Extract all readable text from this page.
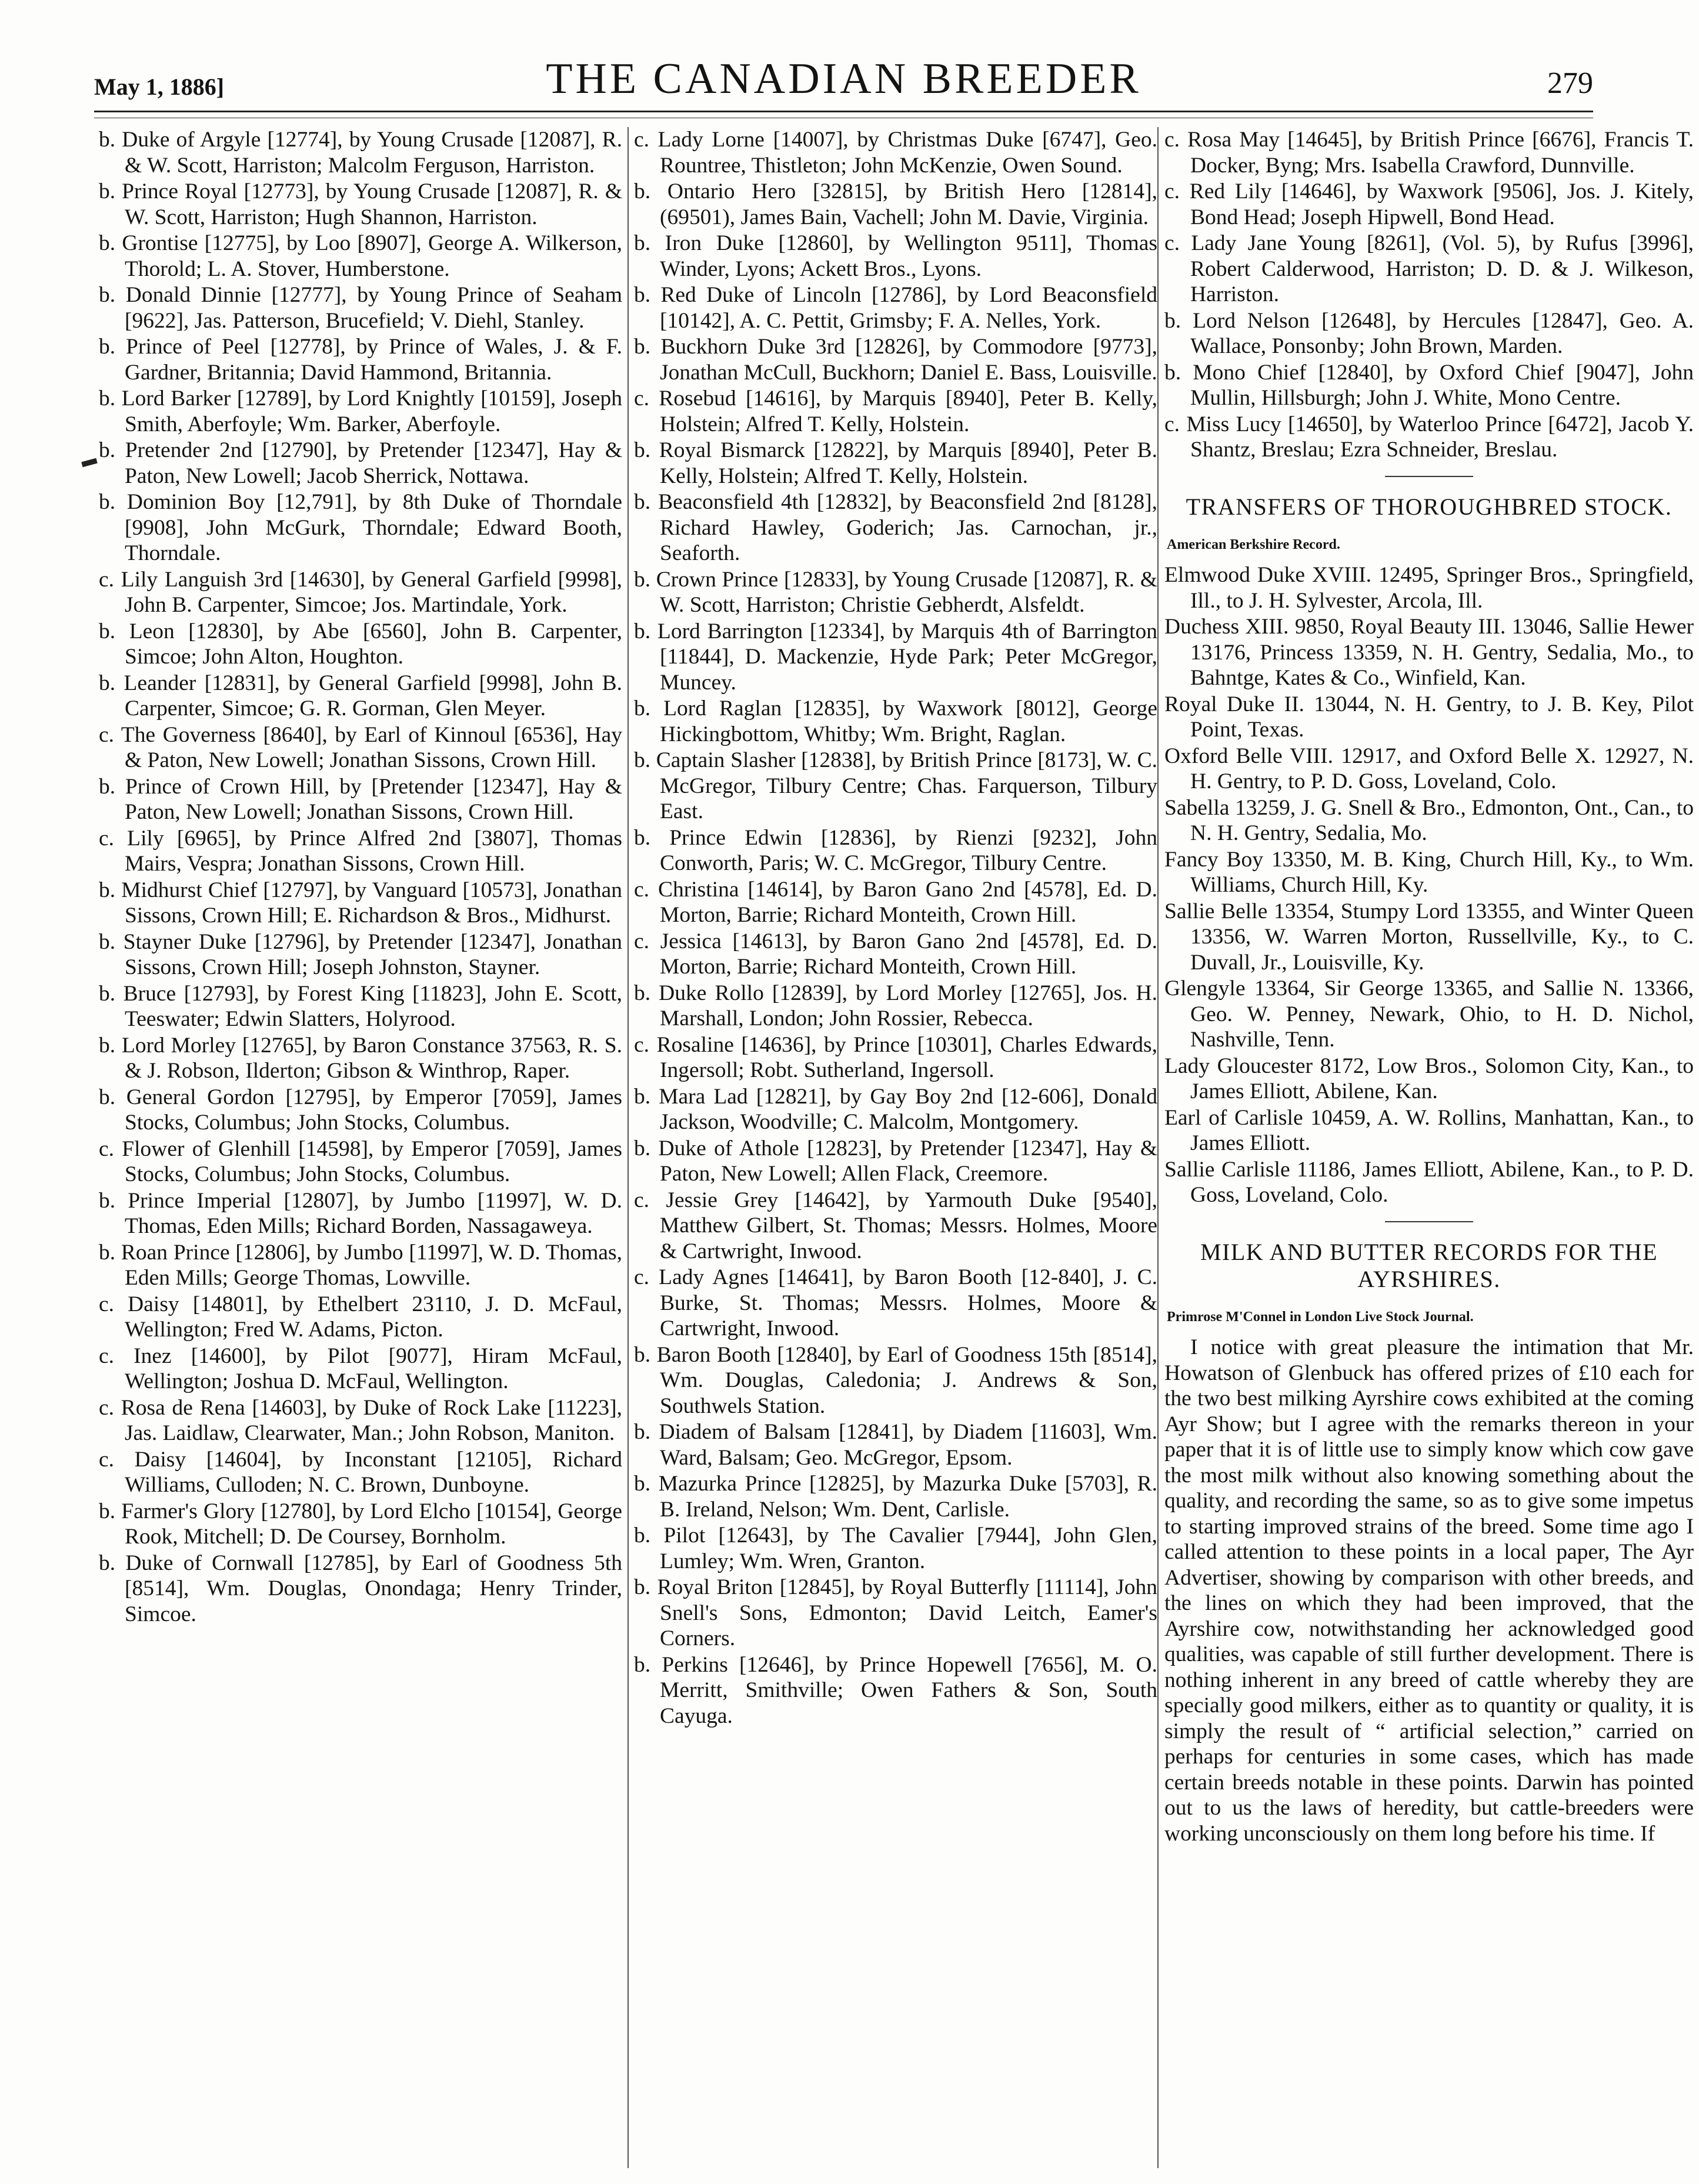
May 1, 1886]	THE CANADIAN BREEDER	279

b. Duke of Argyle [12774], by Young Crusade [12087], R. & W. Scott, Harriston; Malcolm Ferguson, Harriston.

b. Prince Royal [12773], by Young Crusade [12087], R. & W. Scott, Harriston; Hugh Shannon, Harriston.

b. Grontise [12775], by Loo [8907], George A. Wilkerson, Thorold; L. A. Stover, Humberstone.

b. Donald Dinnie [12777], by Young Prince of Seaham [9622], Jas. Patterson, Brucefield; V. Diehl, Stanley.

b. Prince of Peel [12778], by Prince of Wales, J. & F. Gardner, Britannia; David Hammond, Britannia.

b. Lord Barker [12789], by Lord Knightly [10159], Joseph Smith, Aberfoyle; Wm. Barker, Aberfoyle.

b. Pretender 2nd [12790], by Pretender [12347], Hay & Paton, New Lowell; Jacob Sherrick, Nottawa.

b. Dominion Boy [12,791], by 8th Duke of Thorndale [9908], John McGurk, Thorndale; Edward Booth, Thorndale.

c. Lily Languish 3rd [14630], by General Garfield [9998], John B. Carpenter, Simcoe; Jos. Martindale, York.

b. Leon [12830], by Abe [6560], John B. Carpenter, Simcoe; John Alton, Houghton.

b. Leander [12831], by General Garfield [9998], John B. Carpenter, Simcoe; G. R. Gorman, Glen Meyer.

c. The Governess [8640], by Earl of Kinnoul [6536], Hay & Paton, New Lowell; Jonathan Sissons, Crown Hill.

b. Prince of Crown Hill, by [Pretender [12347], Hay & Paton, New Lowell; Jonathan Sissons, Crown Hill.

c. Lily [6965], by Prince Alfred 2nd [3807], Thomas Mairs, Vespra; Jonathan Sissons, Crown Hill.

b. Midhurst Chief [12797], by Vanguard [10573], Jonathan Sissons, Crown Hill; E. Richardson & Bros., Midhurst.

b. Stayner Duke [12796], by Pretender [12347], Jonathan Sissons, Crown Hill; Joseph Johnston, Stayner.

b. Bruce [12793], by Forest King [11823], John E. Scott, Teeswater; Edwin Slatters, Holyrood.

b. Lord Morley [12765], by Baron Constance 37563, R. S. & J. Robson, Ilderton; Gibson & Winthrop, Raper.

b. General Gordon [12795], by Emperor [7059], James Stocks, Columbus; John Stocks, Columbus.

c. Flower of Glenhill [14598], by Emperor [7059], James Stocks, Columbus; John Stocks, Columbus.

b. Prince Imperial [12807], by Jumbo [11997], W. D. Thomas, Eden Mills; Richard Borden, Nassagaweya.

b. Roan Prince [12806], by Jumbo [11997], W. D. Thomas, Eden Mills; George Thomas, Lowville.

c. Daisy [14801], by Ethelbert 23110, J. D. McFaul, Wellington; Fred W. Adams, Picton.

c. Inez [14600], by Pilot [9077], Hiram McFaul, Wellington; Joshua D. McFaul, Wellington.

c. Rosa de Rena [14603], by Duke of Rock Lake [11223], Jas. Laidlaw, Clearwater, Man.; John Robson, Maniton.

c. Daisy [14604], by Inconstant [12105], Richard Williams, Culloden; N. C. Brown, Dunboyne.

b. Farmer's Glory [12780], by Lord Elcho [10154], George Rook, Mitchell; D. De Coursey, Bornholm.

b. Duke of Cornwall [12785], by Earl of Goodness 5th [8514], Wm. Douglas, Onondaga; Henry Trinder, Simcoe.

c. Lady Lorne [14007], by Christmas Duke [6747], Geo. Rountree, Thistleton; John McKenzie, Owen Sound.

b. Ontario Hero [32815], by British Hero [12814], (69501), James Bain, Vachell; John M. Davie, Virginia.

b. Iron Duke [12860], by Wellington 9511], Thomas Winder, Lyons; Ackett Bros., Lyons.

b. Red Duke of Lincoln [12786], by Lord Beaconsfield [10142], A. C. Pettit, Grimsby; F. A. Nelles, York.

b. Buckhorn Duke 3rd [12826], by Commodore [9773], Jonathan McCull, Buckhorn; Daniel E. Bass, Louisville.

c. Rosebud [14616], by Marquis [8940], Peter B. Kelly, Holstein; Alfred T. Kelly, Holstein.

b. Royal Bismarck [12822], by Marquis [8940], Peter B. Kelly, Holstein; Alfred T. Kelly, Holstein.

b. Beaconsfield 4th [12832], by Beaconsfield 2nd [8128], Richard Hawley, Goderich; Jas. Carnochan, jr., Seaforth.

b. Crown Prince [12833], by Young Crusade [12087], R. & W. Scott, Harriston; Christie Gebherdt, Alsfeldt.

b. Lord Barrington [12334], by Marquis 4th of Barrington [11844], D. Mackenzie, Hyde Park; Peter McGregor, Muncey.

b. Lord Raglan [12835], by Waxwork [8012], George Hickingbottom, Whitby; Wm. Bright, Raglan.

b. Captain Slasher [12838], by British Prince [8173], W. C. McGregor, Tilbury Centre; Chas. Farquerson, Tilbury East.

b. Prince Edwin [12836], by Rienzi [9232], John Conworth, Paris; W. C. McGregor, Tilbury Centre.

c. Christina [14614], by Baron Gano 2nd [4578], Ed. D. Morton, Barrie; Richard Monteith, Crown Hill.

c. Jessica [14613], by Baron Gano 2nd [4578], Ed. D. Morton, Barrie; Richard Monteith, Crown Hill.

b. Duke Rollo [12839], by Lord Morley [12765], Jos. H. Marshall, London; John Rossier, Rebecca.

c. Rosaline [14636], by Prince [10301], Charles Edwards, Ingersoll; Robt. Sutherland, Ingersoll.

b. Mara Lad [12821], by Gay Boy 2nd [12-606], Donald Jackson, Woodville; C. Malcolm, Montgomery.

b. Duke of Athole [12823], by Pretender [12347], Hay & Paton, New Lowell; Allen Flack, Creemore.

c. Jessie Grey [14642], by Yarmouth Duke [9540], Matthew Gilbert, St. Thomas; Messrs. Holmes, Moore & Cartwright, Inwood.

c. Lady Agnes [14641], by Baron Booth [12-840], J. C. Burke, St. Thomas; Messrs. Holmes, Moore & Cartwright, Inwood.

b. Baron Booth [12840], by Earl of Goodness 15th [8514], Wm. Douglas, Caledonia; J. Andrews & Son, Southwels Station.

b. Diadem of Balsam [12841], by Diadem [11603], Wm. Ward, Balsam; Geo. McGregor, Epsom.

b. Mazurka Prince [12825], by Mazurka Duke [5703], R. B. Ireland, Nelson; Wm. Dent, Carlisle.

b. Pilot [12643], by The Cavalier [7944], John Glen, Lumley; Wm. Wren, Granton.

b. Royal Briton [12845], by Royal Butterfly [11114], John Snell's Sons, Edmonton; David Leitch, Eamer's Corners.

b. Perkins [12646], by Prince Hopewell [7656], M. O. Merritt, Smithville; Owen Fathers & Son, South Cayuga.

c. Rosa May [14645], by British Prince [6676], Francis T. Docker, Byng; Mrs. Isabella Crawford, Dunnville.

c. Red Lily [14646], by Waxwork [9506], Jos. J. Kitely, Bond Head; Joseph Hipwell, Bond Head.

c. Lady Jane Young [8261], (Vol. 5), by Rufus [3996], Robert Calderwood, Harriston; D. D. & J. Wilkeson, Harriston.

b. Lord Nelson [12648], by Hercules [12847], Geo. A. Wallace, Ponsonby; John Brown, Marden.

b. Mono Chief [12840], by Oxford Chief [9047], John Mullin, Hillsburgh; John J. White, Mono Centre.

c. Miss Lucy [14650], by Waterloo Prince [6472], Jacob Y. Shantz, Breslau; Ezra Schneider, Breslau.

TRANSFERS OF THOROUGHBRED STOCK.
American Berkshire Record.

Elmwood Duke XVIII. 12495, Springer Bros., Springfield, Ill., to J. H. Sylvester, Arcola, Ill.

Duchess XIII. 9850, Royal Beauty III. 13046, Sallie Hewer 13176, Princess 13359, N. H. Gentry, Sedalia, Mo., to Bahntge, Kates & Co., Winfield, Kan.

Royal Duke II. 13044, N. H. Gentry, to J. B. Key, Pilot Point, Texas.

Oxford Belle VIII. 12917, and Oxford Belle X. 12927, N. H. Gentry, to P. D. Goss, Loveland, Colo.

Sabella 13259, J. G. Snell & Bro., Edmonton, Ont., Can., to N. H. Gentry, Sedalia, Mo.

Fancy Boy 13350, M. B. King, Church Hill, Ky., to Wm. Williams, Church Hill, Ky.

Sallie Belle 13354, Stumpy Lord 13355, and Winter Queen 13356, W. Warren Morton, Russellville, Ky., to C. Duvall, Jr., Louisville, Ky.

Glengyle 13364, Sir George 13365, and Sallie N. 13366, Geo. W. Penney, Newark, Ohio, to H. D. Nichol, Nashville, Tenn.

Lady Gloucester 8172, Low Bros., Solomon City, Kan., to James Elliott, Abilene, Kan.

Earl of Carlisle 10459, A. W. Rollins, Manhattan, Kan., to James Elliott.

Sallie Carlisle 11186, James Elliott, Abilene, Kan., to P. D. Goss, Loveland, Colo.

MILK AND BUTTER RECORDS FOR THE AYRSHIRES.
Primrose M'Connel in London Live Stock Journal.

I notice with great pleasure the intimation that Mr. Howatson of Glenbuck has offered prizes of £10 each for the two best milking Ayrshire cows exhibited at the coming Ayr Show; but I agree with the remarks thereon in your paper that it is of little use to simply know which cow gave the most milk without also knowing something about the quality, and recording the same, so as to give some impetus to starting improved strains of the breed. Some time ago I called attention to these points in a local paper, The Ayr Advertiser, showing by comparison with other breeds, and the lines on which they had been improved, that the Ayrshire cow, notwithstanding her acknowledged good qualities, was capable of still further development. There is nothing inherent in any breed of cattle whereby they are specially good milkers, either as to quantity or quality, it is simply the result of “ artificial selection,” carried on perhaps for centuries in some cases, which has made certain breeds notable in these points. Darwin has pointed out to us the laws of heredity, but cattle-breeders were working unconsciously on them long before his time. If
